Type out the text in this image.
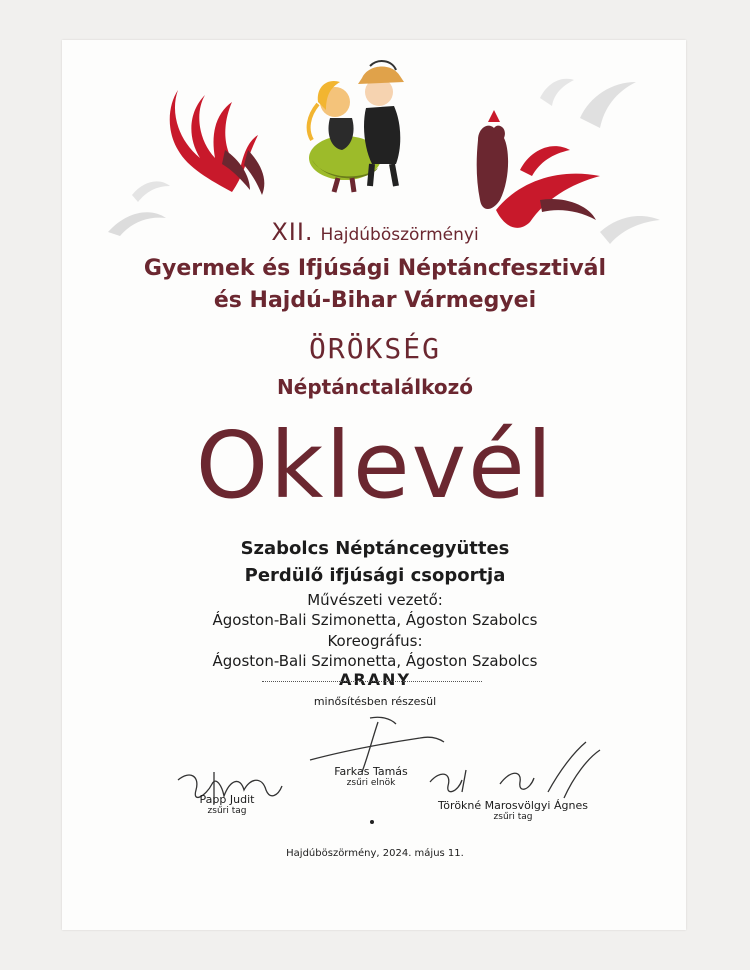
XII. Hajdúböszörményi
Gyermek és Ifjúsági Néptáncfesztivál
és Hajdú-Bihar Vármegyei
ÖRÖKSÉG
Néptánctalálkozó
Oklevél
Szabolcs Néptáncegyüttes
Perdülő ifjúsági csoportja
Művészeti vezető:
Ágoston-Bali Szimonetta, Ágoston Szabolcs
Koreográfus:
Ágoston-Bali Szimonetta, Ágoston Szabolcs
ARANY
minősítésben részesül
Papp Judit
zsűri tag
Farkas Tamás
zsűri elnök
Törökné Marosvölgyi Ágnes
zsűri tag
Hajdúböszörmény, 2024. május 11.
